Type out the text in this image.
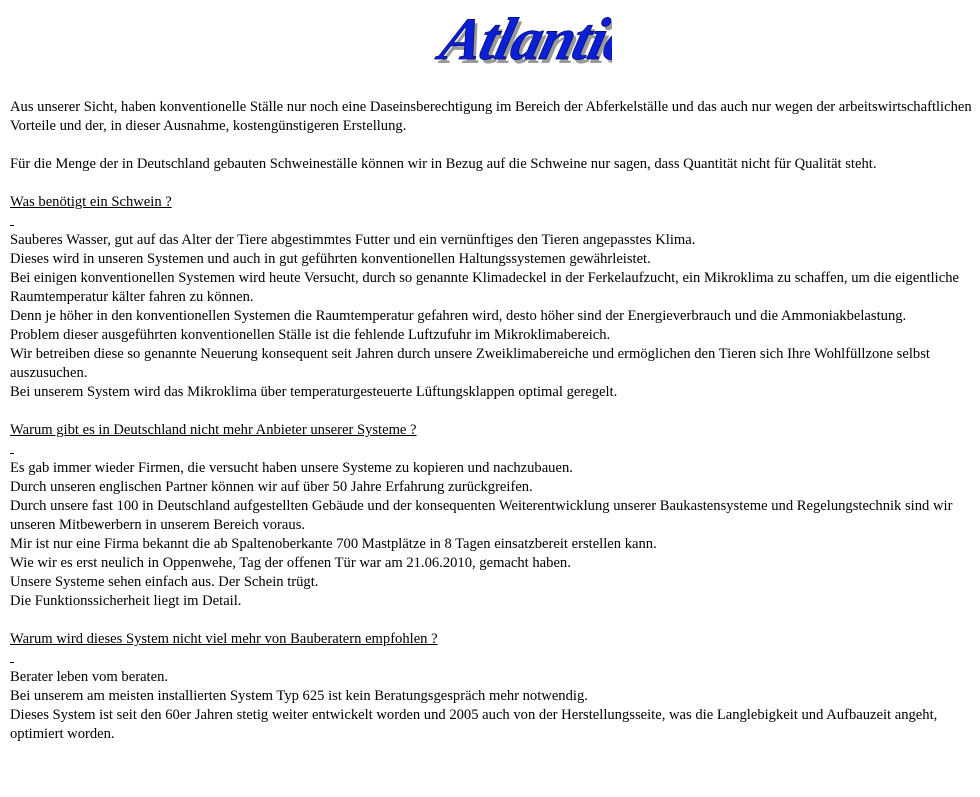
Atlantic
Atlantic
Aus unserer Sicht, haben konventionelle Ställe nur noch eine Daseinsberechtigung im Bereich der Abferkelställe und das auch nur wegen der arbeitswirtschaftlichen
Vorteile und der, in dieser Ausnahme, kostengünstigeren Erstellung.
Für die Menge der in Deutschland gebauten Schweineställe können wir in Bezug auf die Schweine nur sagen, dass Quantität nicht für Qualität steht.
Was benötigt ein Schwein ?
Sauberes Wasser, gut auf das Alter der Tiere abgestimmtes Futter und ein vernünftiges den Tieren angepasstes Klima.
Dieses wird in unseren Systemen und auch in gut geführten konventionellen Haltungssystemen gewährleistet.
Bei einigen konventionellen Systemen wird heute Versucht, durch so genannte Klimadeckel in der Ferkelaufzucht, ein Mikroklima zu schaffen, um die eigentliche
Raumtemperatur kälter fahren zu können.
Denn je höher in den konventionellen Systemen die Raumtemperatur gefahren wird, desto höher sind der Energieverbrauch und die Ammoniakbelastung.
Problem dieser ausgeführten konventionellen Ställe ist die fehlende Luftzufuhr im Mikroklimabereich.
Wir betreiben diese so genannte Neuerung konsequent seit Jahren durch unsere Zweiklimabereiche und ermöglichen den Tieren sich Ihre Wohlfüllzone selbst
auszusuchen.
Bei unserem System wird das Mikroklima über temperaturgesteuerte Lüftungsklappen optimal geregelt.
Warum gibt es in Deutschland nicht mehr Anbieter unserer Systeme ?
Es gab immer wieder Firmen, die versucht haben unsere Systeme zu kopieren und nachzubauen.
Durch unseren englischen Partner können wir auf über 50 Jahre Erfahrung zurückgreifen.
Durch unsere fast 100 in Deutschland aufgestellten Gebäude und der konsequenten Weiterentwicklung unserer Baukastensysteme und Regelungstechnik sind wir
unseren Mitbewerbern in unserem Bereich voraus.
Mir ist nur eine Firma bekannt die ab Spaltenoberkante 700 Mastplätze in 8 Tagen einsatzbereit erstellen kann.
Wie wir es erst neulich in Oppenwehe, Tag der offenen Tür war am 21.06.2010, gemacht haben.
Unsere Systeme sehen einfach aus. Der Schein trügt.
Die Funktionssicherheit liegt im Detail.
Warum wird dieses System nicht viel mehr von Bauberatern empfohlen ?
Berater leben vom beraten.
Bei unserem am meisten installierten System Typ 625 ist kein Beratungsgespräch mehr notwendig.
Dieses System ist seit den 60er Jahren stetig weiter entwickelt worden und 2005 auch von der Herstellungsseite, was die Langlebigkeit und Aufbauzeit angeht,
optimiert worden.
